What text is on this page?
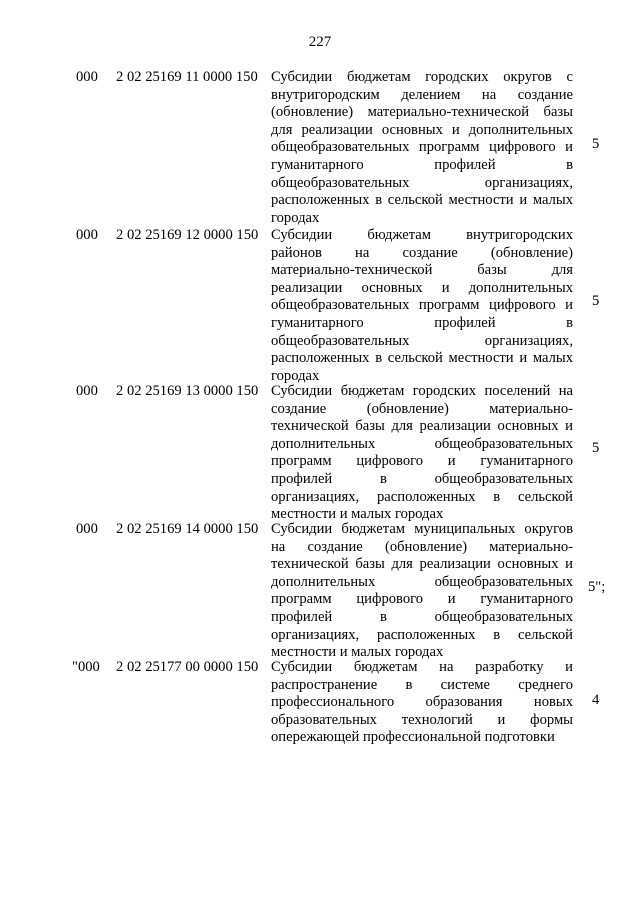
227
000 2 02 25169 11 0000 150 Субсидии бюджетам городских округов с
внутригородским делением на создание
(обновление) материально-технической базы
для реализации основных и дополнительных
общеобразовательных программ цифрового и
гуманитарного профилей в
общеобразовательных организациях,
расположенных в сельской местности и малых
городах
5
000 2 02 25169 12 0000 150 Субсидии бюджетам внутригородских
районов на создание (обновление)
материально-технической базы для
реализации основных и дополнительных
общеобразовательных программ цифрового и
гуманитарного профилей в
общеобразовательных организациях,
расположенных в сельской местности и малых
городах
5
000 2 02 25169 13 0000 150 Субсидии бюджетам городских поселений на
создание (обновление) материально-
технической базы для реализации основных и
дополнительных общеобразовательных
программ цифрового и гуманитарного
профилей в общеобразовательных
организациях, расположенных в сельской
местности и малых городах
5
000 2 02 25169 14 0000 150 Субсидии бюджетам муниципальных округов
на создание (обновление) материально-
технической базы для реализации основных и
дополнительных общеобразовательных
программ цифрового и гуманитарного
профилей в общеобразовательных
организациях, расположенных в сельской
местности и малых городах
5";
"000 2 02 25177 00 0000 150 Субсидии бюджетам на разработку и
распространение в системе среднего
профессионального образования новых
образовательных технологий и формы
опережающей профессиональной подготовки
4
